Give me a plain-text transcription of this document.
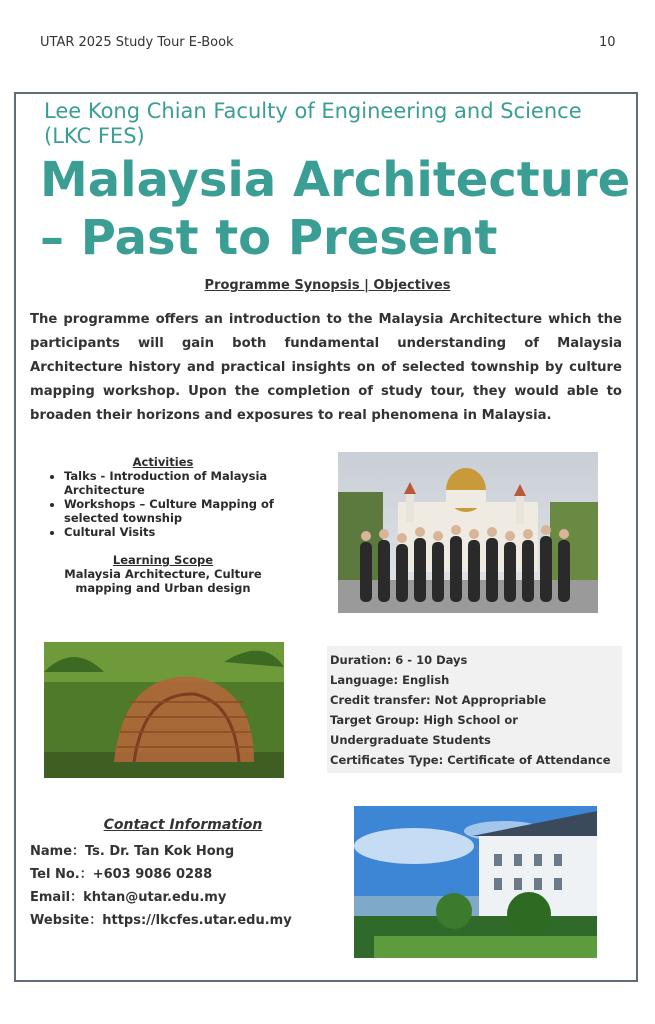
UTAR 2025 Study Tour E-Book	10
Lee Kong Chian Faculty of Engineering and Science
(LKC FES)
Malaysia Architecture
– Past to Present
Programme Synopsis | Objectives
The programme offers an introduction to the Malaysia Architecture which the participants will gain both fundamental understanding of Malaysia Architecture history and practical insights on of selected township by culture mapping workshop. Upon the completion of study tour, they would able to broaden their horizons and exposures to real phenomena in Malaysia.
Activities
• Talks - Introduction of Malaysia Architecture
• Workshops – Culture Mapping of selected township
• Cultural Visits
Learning Scope
Malaysia Architecture, Culture mapping and Urban design
Duration: 6 - 10 Days
Language: English
Credit transfer: Not Appropriable
Target Group: High School or Undergraduate Students
Certificates Type: Certificate of Attendance
Contact Information
Name：Ts. Dr. Tan Kok Hong
Tel No.：+603 9086 0288
Email：khtan@utar.edu.my
Website：https://lkcfes.utar.edu.my
